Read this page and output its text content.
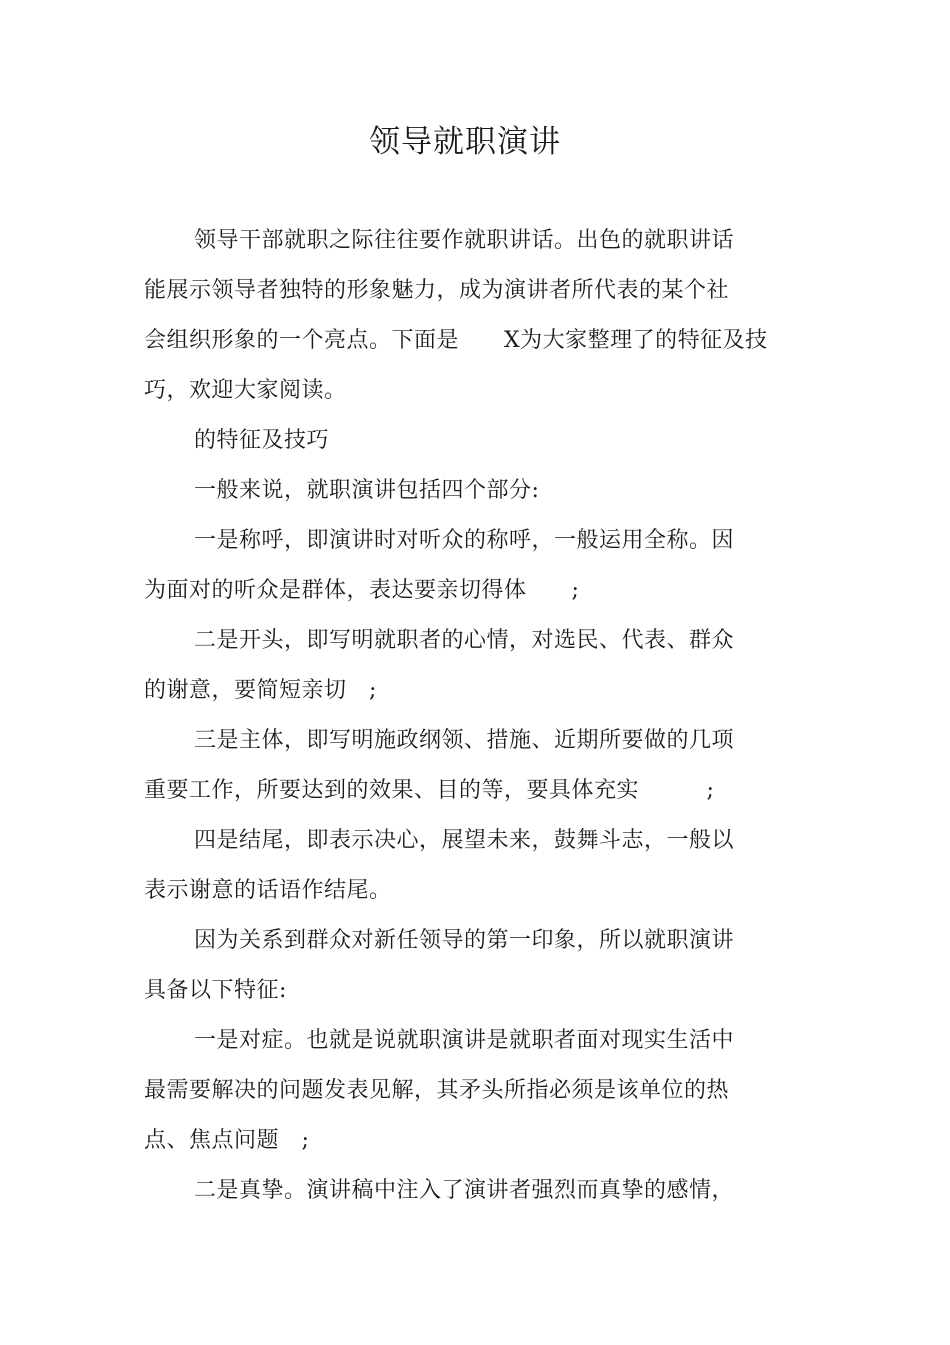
领导就职演讲

领导干部就职之际往往要作就职讲话。出色的就职讲话

能展示领导者独特的形象魅力，成为演讲者所代表的某个社

会组织形象的一个亮点。下面是　　X为大家整理了的特征及技

巧，欢迎大家阅读。

的特征及技巧

一般来说，就职演讲包括四个部分:

一是称呼，即演讲时对听众的称呼，一般运用全称。因

为面对的听众是群体，表达要亲切得体　　;

二是开头，即写明就职者的心情，对选民、代表、群众

的谢意，要简短亲切　;

三是主体，即写明施政纲领、措施、近期所要做的几项

重要工作，所要达到的效果、目的等，要具体充实　　　;

四是结尾，即表示决心，展望未来，鼓舞斗志，一般以

表示谢意的话语作结尾。

因为关系到群众对新任领导的第一印象，所以就职演讲

具备以下特征:

一是对症。也就是说就职演讲是就职者面对现实生活中

最需要解决的问题发表见解，其矛头所指必须是该单位的热

点、焦点问题　;

二是真挚。演讲稿中注入了演讲者强烈而真挚的感情，
